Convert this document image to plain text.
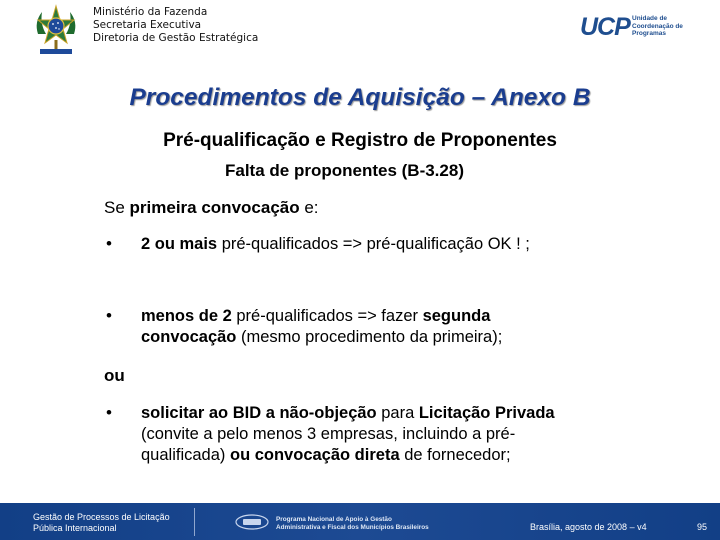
Ministério da Fazenda
Secretaria Executiva
Diretoria de Gestão Estratégica	UCP Unidade de
Coordenação de
Programas
Procedimentos de Aquisição – Anexo B
Pré-qualificação e Registro de Proponentes
Falta de proponentes (B-3.28)
Se primeira convocação e:
• 2 ou mais pré-qualificados => pré-qualificação OK ! ;
• menos de 2 pré-qualificados => fazer segunda
convocação (mesmo procedimento da primeira);
ou
• solicitar ao BID a não-objeção para Licitação Privada
(convite a pelo menos 3 empresas, incluindo a pré-
qualificada) ou convocação direta de fornecedor;
Gestão de Processos de Licitação
Pública Internacional
Programa Nacional de Apoio à Gestão
Administrativa e Fiscal dos Municípios Brasileiros	Brasília, agosto de 2008 – v4	95
